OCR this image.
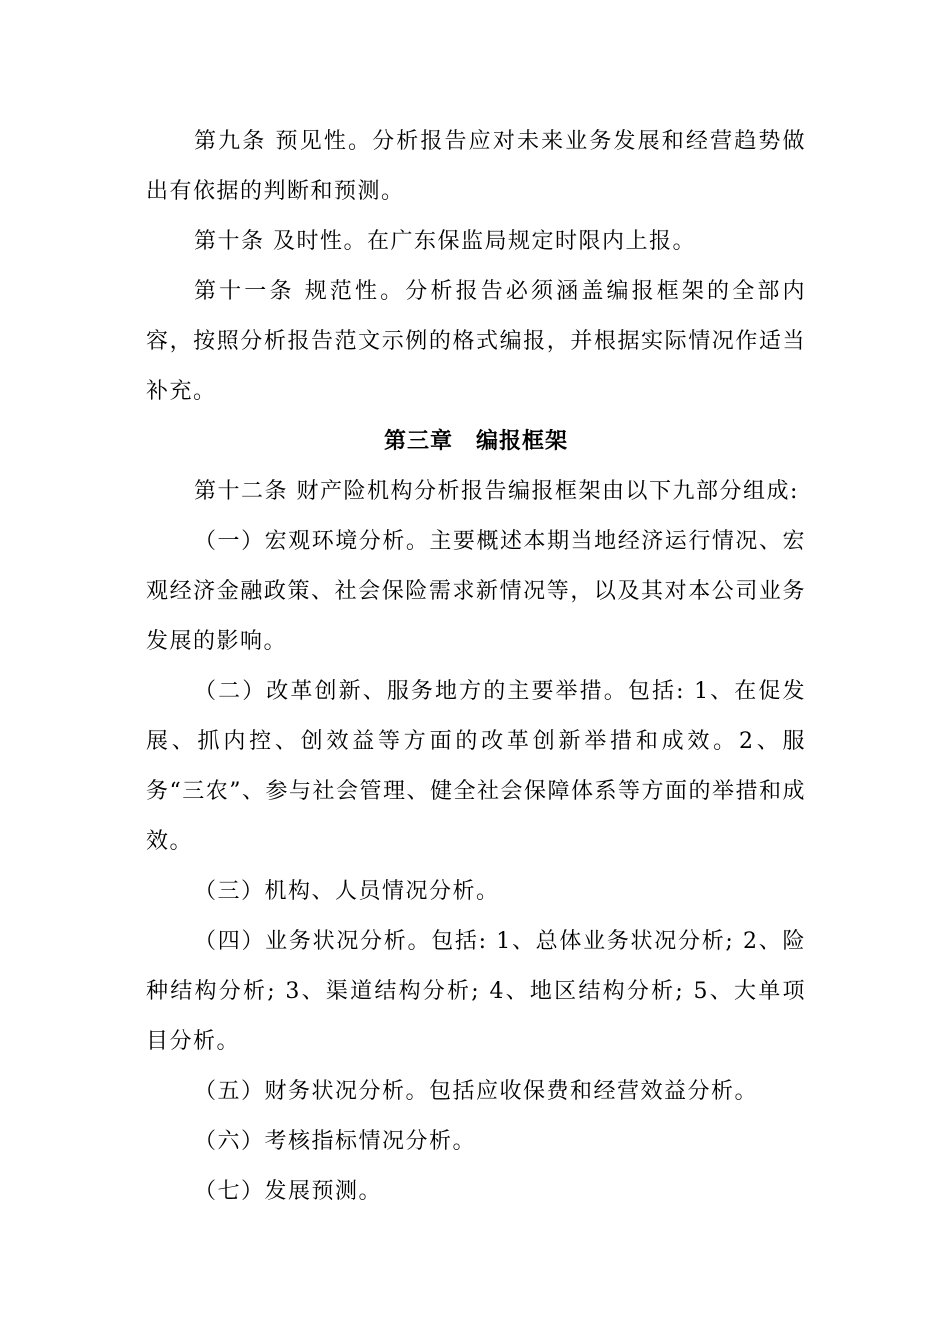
第九条 预见性。分析报告应对未来业务发展和经营趋势做出有依据的判断和预测。

第十条 及时性。在广东保监局规定时限内上报。

第十一条 规范性。分析报告必须涵盖编报框架的全部内容，按照分析报告范文示例的格式编报，并根据实际情况作适当补充。

第三章　编报框架

第十二条 财产险机构分析报告编报框架由以下九部分组成:

（一）宏观环境分析。主要概述本期当地经济运行情况、宏观经济金融政策、社会保险需求新情况等，以及其对本公司业务发展的影响。

（二）改革创新、服务地方的主要举措。包括: 1、在促发展、抓内控、创效益等方面的改革创新举措和成效。2、服务“三农”、参与社会管理、健全社会保障体系等方面的举措和成效。

（三）机构、人员情况分析。

（四）业务状况分析。包括: 1、总体业务状况分析; 2、险种结构分析; 3、渠道结构分析; 4、地区结构分析; 5、大单项目分析。

（五）财务状况分析。包括应收保费和经营效益分析。

（六）考核指标情况分析。

（七）发展预测。
